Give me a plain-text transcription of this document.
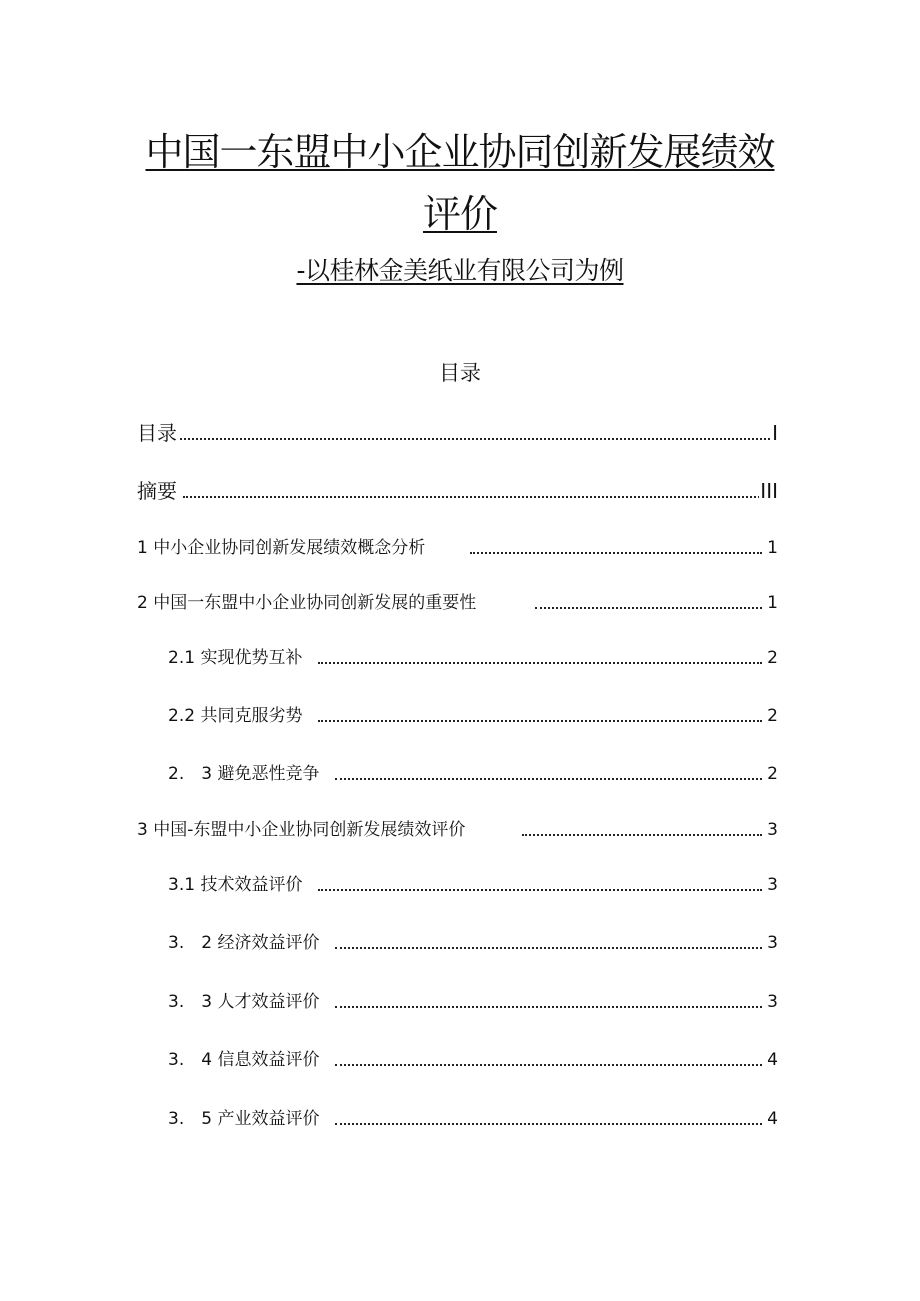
中国一东盟中小企业协同创新发展绩效
评价
-以桂林金美纸业有限公司为例
目录
目录	I
摘要	III
1 中小企业协同创新发展绩效概念分析	1
2 中国一东盟中小企业协同创新发展的重要性	1
2.1 实现优势互补	2
2.2 共同克服劣势	2
2.　3 避免恶性竞争	2
3 中国-东盟中小企业协同创新发展绩效评价	3
3.1 技术效益评价	3
3.　2 经济效益评价	3
3.　3 人才效益评价	3
3.　4 信息效益评价	4
3.　5 产业效益评价	4
